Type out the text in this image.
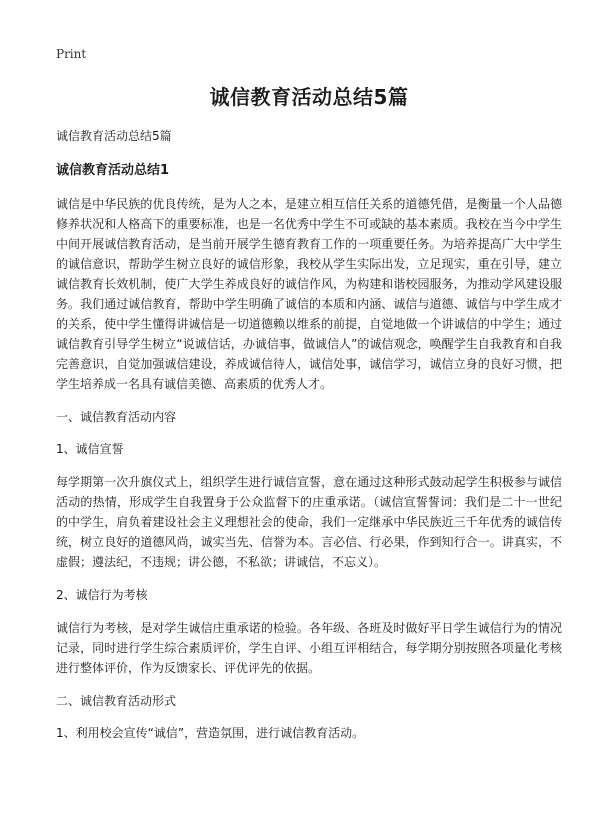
Print
诚信教育活动总结5篇

诚信教育活动总结5篇

诚信教育活动总结1

诚信是中华民族的优良传统，是为人之本，是建立相互信任关系的道德凭借，是衡量一个人品德修养状况和人格高下的重要标准，也是一名优秀中学生不可或缺的基本素质。我校在当今中学生中间开展诚信教育活动，是当前开展学生德育教育工作的一项重要任务。为培养提高广大中学生的诚信意识，帮助学生树立良好的诚信形象，我校从学生实际出发，立足现实，重在引导，建立诚信教育长效机制，使广大学生养成良好的诚信作风，为构建和谐校园服务，为推动学风建设服务。我们通过诚信教育，帮助中学生明确了诚信的本质和内涵、诚信与道德、诚信与中学生成才的关系，使中学生懂得讲诚信是一切道德赖以维系的前提，自觉地做一个讲诚信的中学生；通过诚信教育引导学生树立“说诚信话，办诚信事，做诚信人”的诚信观念，唤醒学生自我教育和自我完善意识，自觉加强诚信建设，养成诚信待人，诚信处事，诚信学习，诚信立身的良好习惯，把学生培养成一名具有诚信美德、高素质的优秀人才。

一、诚信教育活动内容

1、诚信宣誓

每学期第一次升旗仪式上，组织学生进行诚信宣誓，意在通过这种形式鼓动起学生积极参与诚信活动的热情，形成学生自我置身于公众监督下的庄重承诺。（诚信宣誓誓词：我们是二十一世纪的中学生，肩负着建设社会主义理想社会的使命，我们一定继承中华民族近三千年优秀的诚信传统，树立良好的道德风尚，诚实当先、信誉为本。言必信、行必果，作到知行合一。讲真实，不虚假；遵法纪，不违规；讲公德，不私欲；讲诚信，不忘义）。

2、诚信行为考核

诚信行为考核，是对学生诚信庄重承诺的检验。各年级、各班及时做好平日学生诚信行为的情况记录，同时进行学生综合素质评价，学生自评、小组互评相结合，每学期分别按照各项量化考核进行整体评价，作为反馈家长、评优评先的依据。

二、诚信教育活动形式

1、利用校会宣传“诚信”，营造氛围，进行诚信教育活动。
